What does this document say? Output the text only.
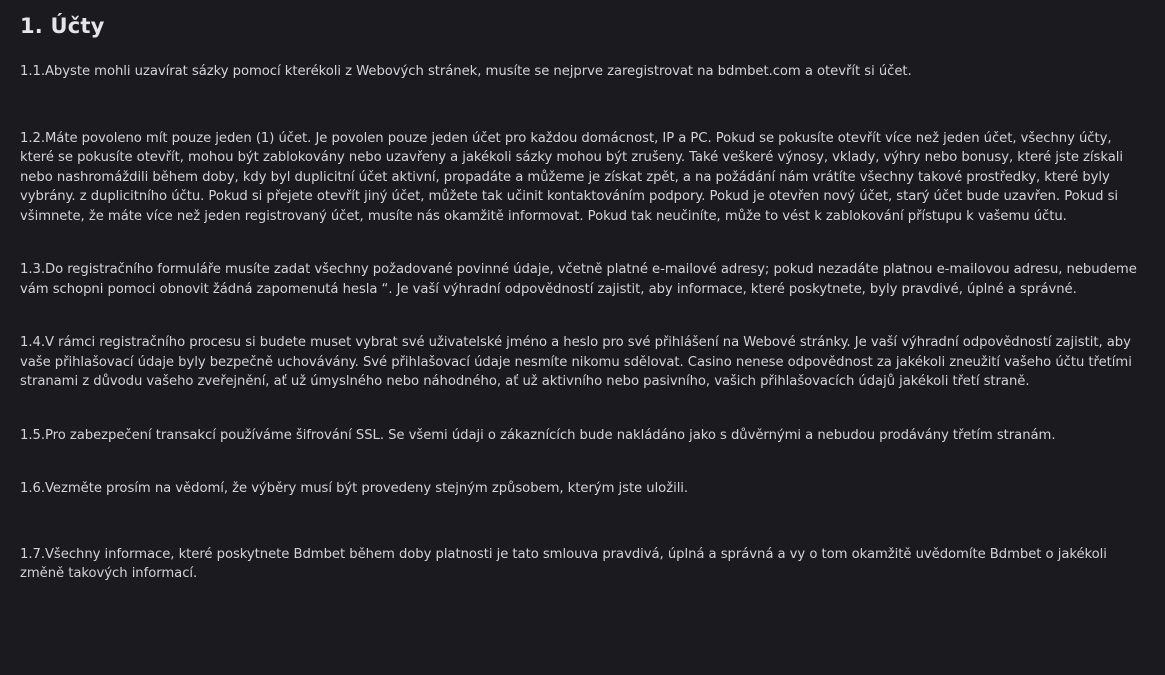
1. Účty

1.1.Abyste mohli uzavírat sázky pomocí kterékoli z Webových stránek, musíte se nejprve zaregistrovat na bdmbet.com a otevřít si účet.

1.2.Máte povoleno mít pouze jeden (1) účet. Je povolen pouze jeden účet pro každou domácnost, IP a PC. Pokud se pokusíte otevřít více než jeden účet, všechny účty, které se pokusíte otevřít, mohou být zablokovány nebo uzavřeny a jakékoli sázky mohou být zrušeny. Také veškeré výnosy, vklady, výhry nebo bonusy, které jste získali nebo nashromáždili během doby, kdy byl duplicitní účet aktivní, propadáte a můžeme je získat zpět, a na požádání nám vrátíte všechny takové prostředky, které byly vybrány. z duplicitního účtu. Pokud si přejete otevřít jiný účet, můžete tak učinit kontaktováním podpory. Pokud je otevřen nový účet, starý účet bude uzavřen. Pokud si všimnete, že máte více než jeden registrovaný účet, musíte nás okamžitě informovat. Pokud tak neučiníte, může to vést k zablokování přístupu k vašemu účtu.

1.3.Do registračního formuláře musíte zadat všechny požadované povinné údaje, včetně platné e-mailové adresy; pokud nezadáte platnou e-mailovou adresu, nebudeme vám schopni pomoci obnovit žádná zapomenutá hesla “. Je vaší výhradní odpovědností zajistit, aby informace, které poskytnete, byly pravdivé, úplné a správné.

1.4.V rámci registračního procesu si budete muset vybrat své uživatelské jméno a heslo pro své přihlášení na Webové stránky. Je vaší výhradní odpovědností zajistit, aby vaše přihlašovací údaje byly bezpečně uchovávány. Své přihlašovací údaje nesmíte nikomu sdělovat. Casino nenese odpovědnost za jakékoli zneužití vašeho účtu třetími stranami z důvodu vašeho zveřejnění, ať už úmyslného nebo náhodného, ať už aktivního nebo pasivního, vašich přihlašovacích údajů jakékoli třetí straně.

1.5.Pro zabezpečení transakcí používáme šifrování SSL. Se všemi údaji o zákaznících bude nakládáno jako s důvěrnými a nebudou prodávány třetím stranám.

1.6.Vezměte prosím na vědomí, že výběry musí být provedeny stejným způsobem, kterým jste uložili.

1.7.Všechny informace, které poskytnete Bdmbet během doby platnosti je tato smlouva pravdivá, úplná a správná a vy o tom okamžitě uvědomíte Bdmbet o jakékoli změně takových informací.
